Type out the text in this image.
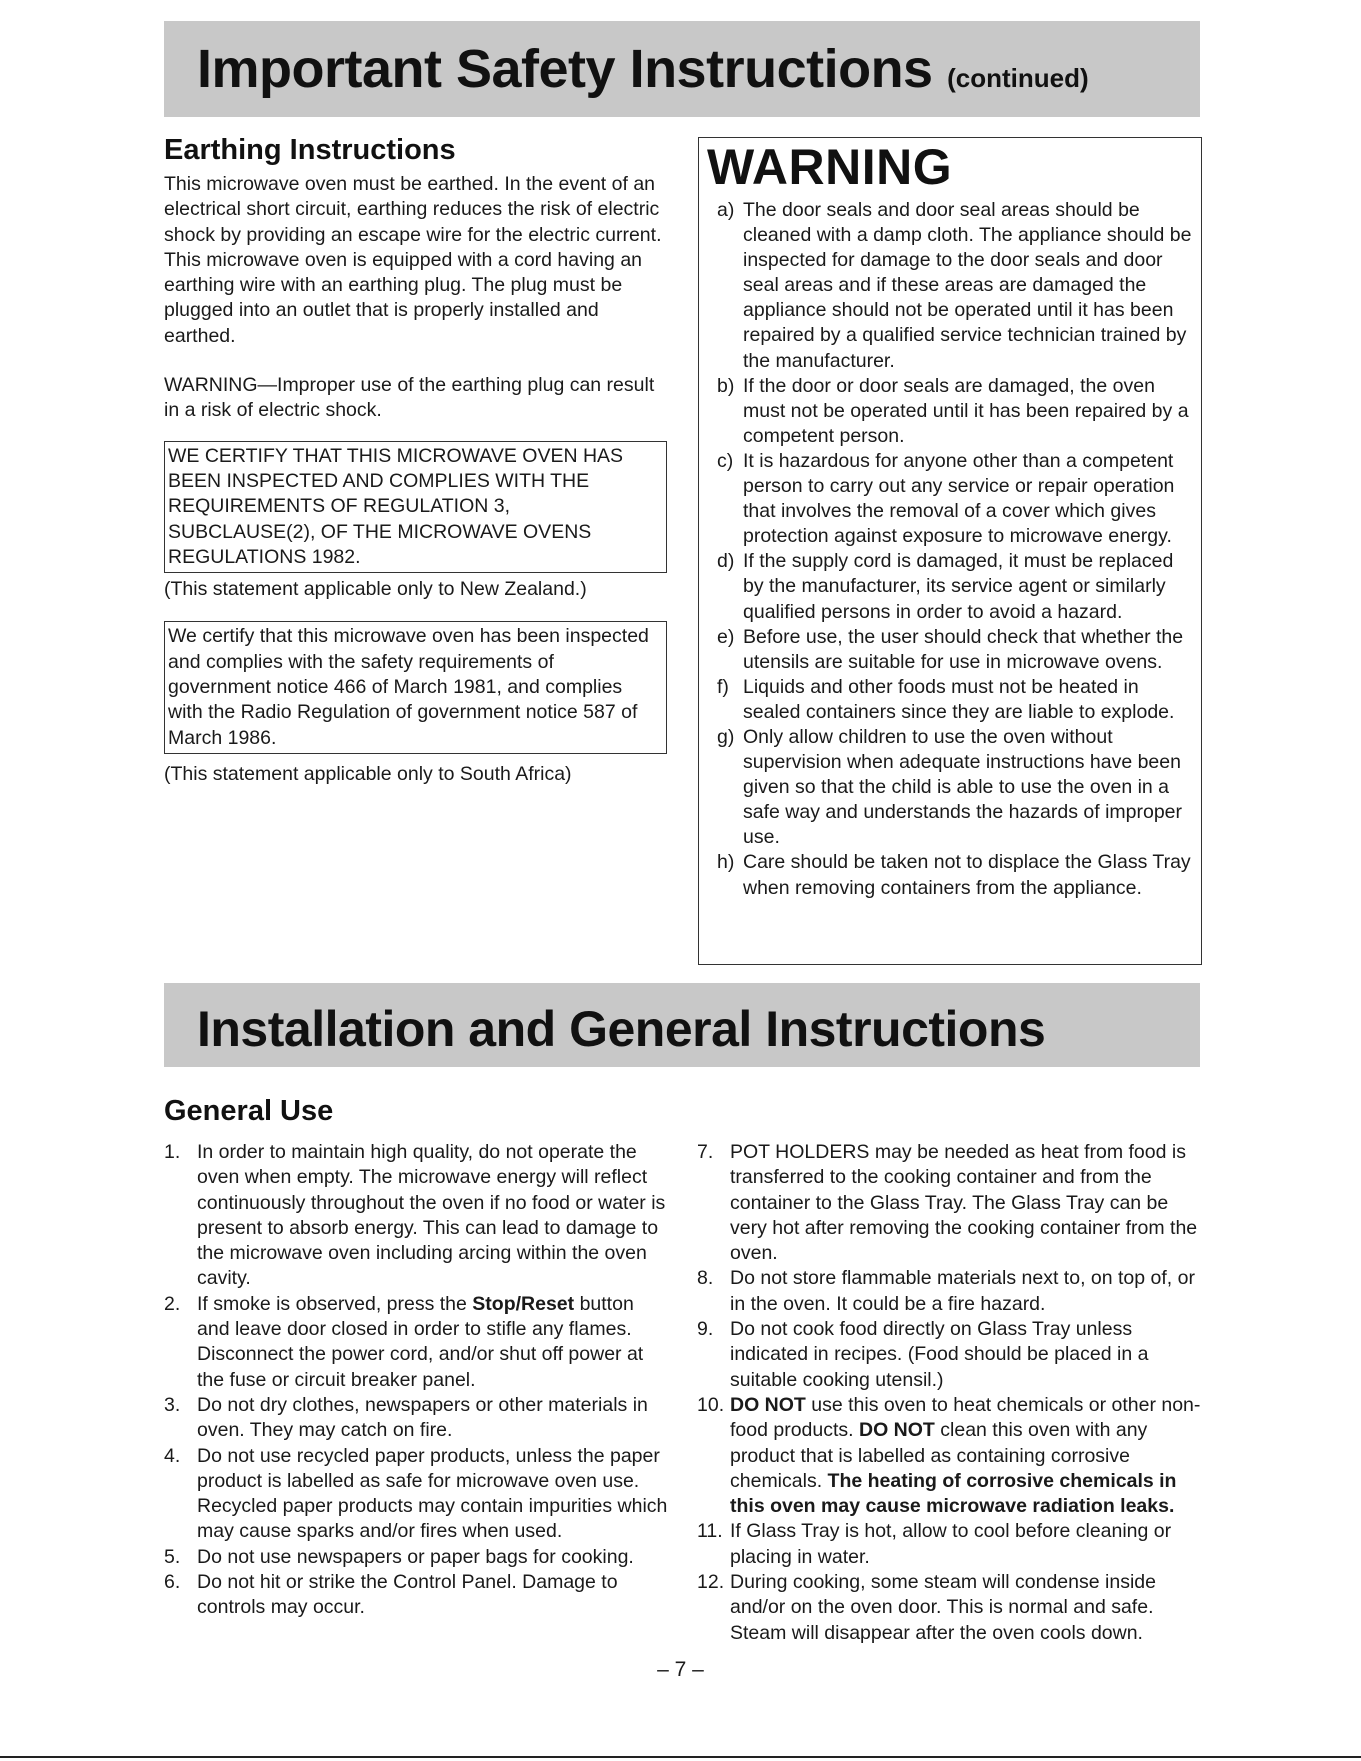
Important Safety Instructions (continued)
Earthing Instructions

This microwave oven must be earthed. In the event of an electrical short circuit, earthing reduces the risk of electric shock by providing an escape wire for the electric current. This microwave oven is equipped with a cord having an earthing wire with an earthing plug. The plug must be plugged into an outlet that is properly installed and earthed.

WARNING—Improper use of the earthing plug can result in a risk of electric shock.

WE CERTIFY THAT THIS MICROWAVE OVEN HAS BEEN INSPECTED AND COMPLIES WITH THE REQUIREMENTS OF REGULATION 3, SUBCLAUSE(2), OF THE MICROWAVE OVENS REGULATIONS 1982.

(This statement applicable only to New Zealand.)

We certify that this microwave oven has been inspected and complies with the safety requirements of government notice 466 of March 1981, and complies with the Radio Regulation of government notice 587 of March 1986.

(This statement applicable only to South Africa)

WARNING
a) The door seals and door seal areas should be cleaned with a damp cloth. The appliance should be inspected for damage to the door seals and door seal areas and if these areas are damaged the appliance should not be operated until it has been repaired by a qualified service technician trained by the manufacturer.
b) If the door or door seals are damaged, the oven must not be operated until it has been repaired by a competent person.
c) It is hazardous for anyone other than a competent person to carry out any service or repair operation that involves the removal of a cover which gives protection against exposure to microwave energy.
d) If the supply cord is damaged, it must be replaced by the manufacturer, its service agent or similarly qualified persons in order to avoid a hazard.
e) Before use, the user should check that whether the utensils are suitable for use in microwave ovens.
f) Liquids and other foods must not be heated in sealed containers since they are liable to explode.
g) Only allow children to use the oven without supervision when adequate instructions have been given so that the child is able to use the oven in a safe way and understands the hazards of improper use.
h) Care should be taken not to displace the Glass Tray when removing containers from the appliance.
Installation and General Instructions
General Use
1. In order to maintain high quality, do not operate the oven when empty. The microwave energy will reflect continuously throughout the oven if no food or water is present to absorb energy. This can lead to damage to the microwave oven including arcing within the oven cavity.
2. If smoke is observed, press the Stop/Reset button and leave door closed in order to stifle any flames. Disconnect the power cord, and/or shut off power at the fuse or circuit breaker panel.
3. Do not dry clothes, newspapers or other materials in oven. They may catch on fire.
4. Do not use recycled paper products, unless the paper product is labelled as safe for microwave oven use. Recycled paper products may contain impurities which may cause sparks and/or fires when used.
5. Do not use newspapers or paper bags for cooking.
6. Do not hit or strike the Control Panel. Damage to controls may occur.
7. POT HOLDERS may be needed as heat from food is transferred to the cooking container and from the container to the Glass Tray. The Glass Tray can be very hot after removing the cooking container from the oven.
8. Do not store flammable materials next to, on top of, or in the oven. It could be a fire hazard.
9. Do not cook food directly on Glass Tray unless indicated in recipes. (Food should be placed in a suitable cooking utensil.)
10. DO NOT use this oven to heat chemicals or other non-food products. DO NOT clean this oven with any product that is labelled as containing corrosive chemicals. The heating of corrosive chemicals in this oven may cause microwave radiation leaks.
11. If Glass Tray is hot, allow to cool before cleaning or placing in water.
12. During cooking, some steam will condense inside and/or on the oven door. This is normal and safe. Steam will disappear after the oven cools down.
– 7 –
